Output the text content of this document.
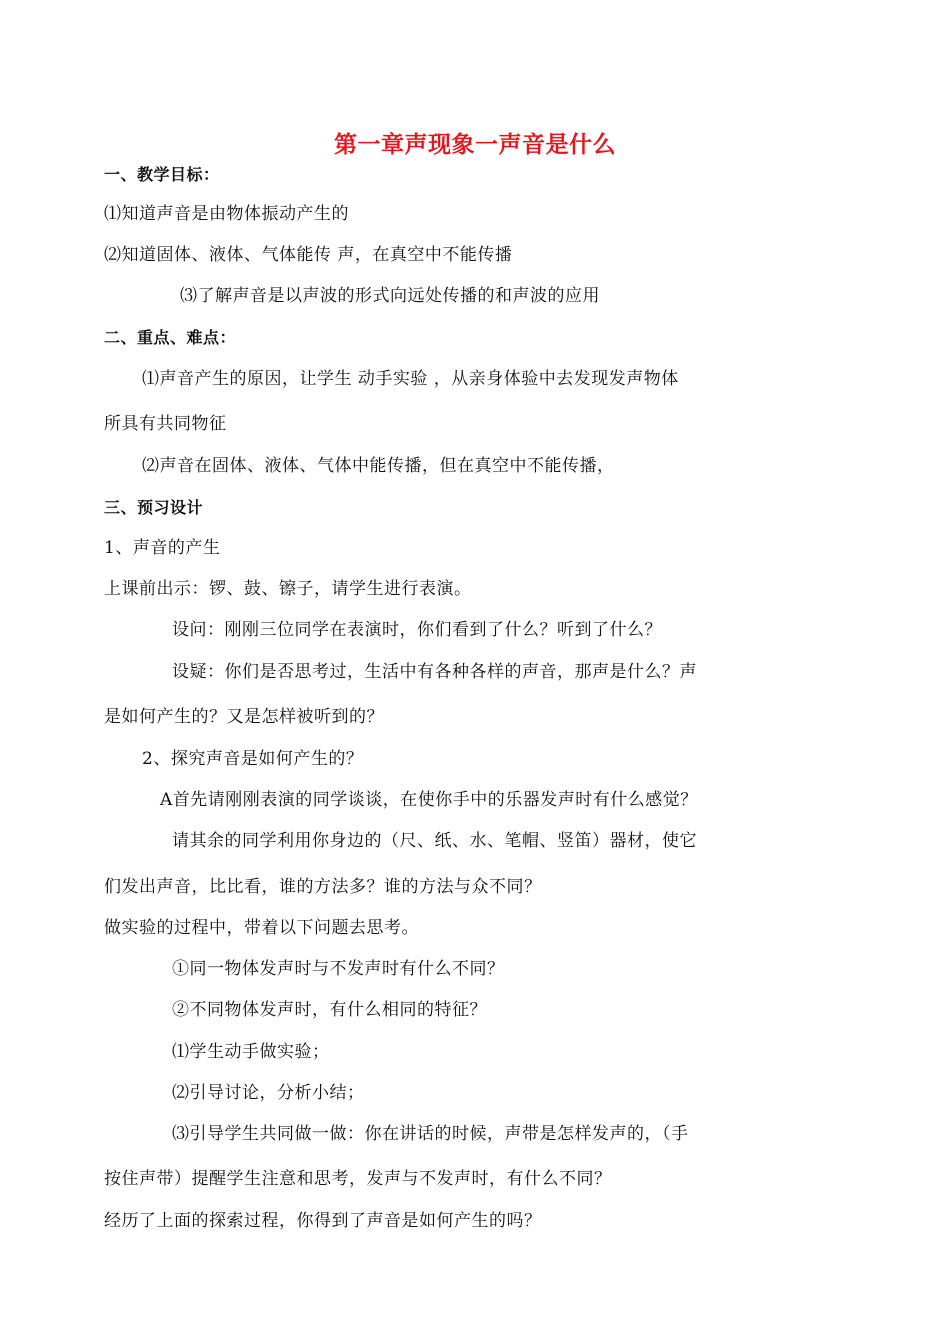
第一章声现象一声音是什么
一、教学目标：
⑴知道声音是由物体振动产生的
⑵知道固体、液体、气体能传 声，在真空中不能传播
⑶了解声音是以声波的形式向远处传播的和声波的应用
二、重点、难点：
⑴声音产生的原因，让学生 动手实验 ，从亲身体验中去发现发声物体
所具有共同物征
⑵声音在固体、液体、气体中能传播，但在真空中不能传播，
三、预习设计
1、声音的产生
上课前出示：锣、鼓、镲子，请学生进行表演。
设问：刚刚三位同学在表演时，你们看到了什么？听到了什么？
设疑：你们是否思考过，生活中有各种各样的声音，那声是什么？声
是如何产生的？又是怎样被听到的？
2、探究声音是如何产生的？
A首先请刚刚表演的同学谈谈，在使你手中的乐器发声时有什么感觉？
请其余的同学利用你身边的（尺、纸、水、笔帽、竖笛）器材，使它
们发出声音，比比看，谁的方法多？谁的方法与众不同？
做实验的过程中，带着以下问题去思考。
①同一物体发声时与不发声时有什么不同？
②不同物体发声时，有什么相同的特征？
⑴学生动手做实验；
⑵引导讨论，分析小结；
⑶引导学生共同做一做：你在讲话的时候，声带是怎样发声的，（手
按住声带）提醒学生注意和思考，发声与不发声时，有什么不同？
经历了上面的探索过程，你得到了声音是如何产生的吗？
